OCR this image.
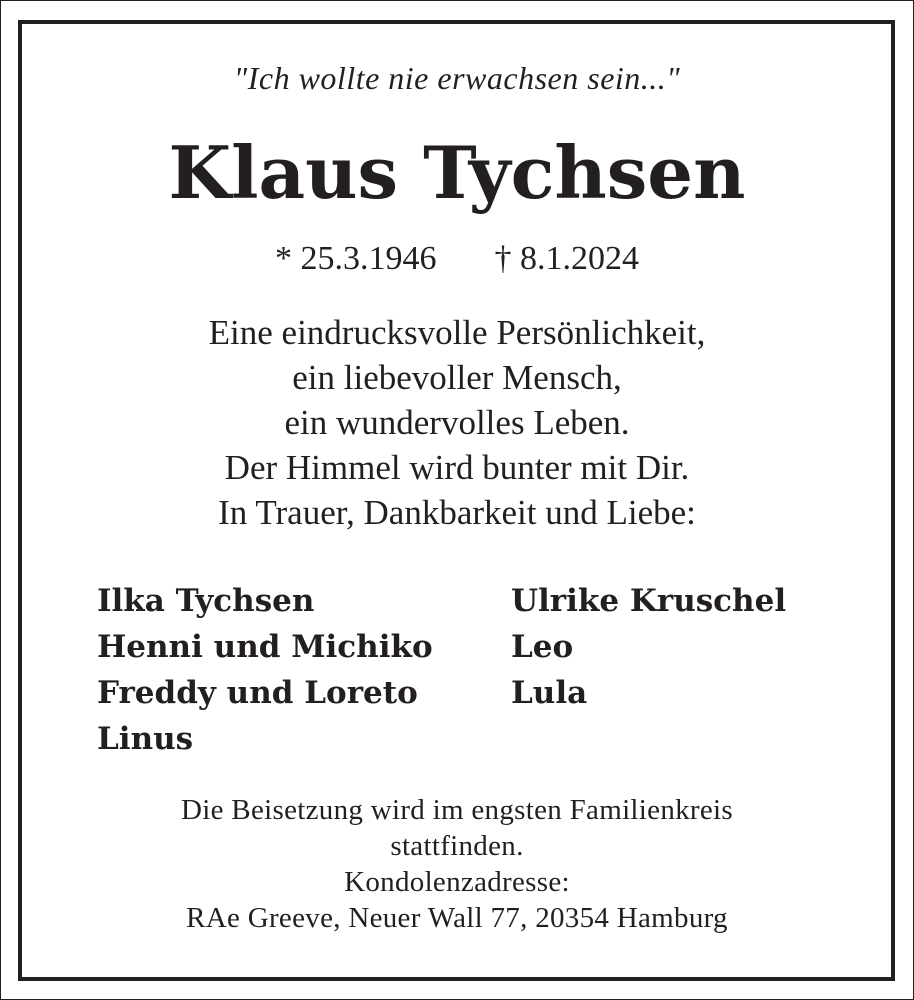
"Ich wollte nie erwachsen sein..."
Klaus Tychsen
* 25.3.1946 † 8.1.2024
Eine eindrucksvolle Persönlichkeit,
ein liebevoller Mensch,
ein wundervolles Leben.
Der Himmel wird bunter mit Dir.
In Trauer, Dankbarkeit und Liebe:
Ilka Tychsen
Henni und Michiko
Freddy und Loreto
Linus
Ulrike Kruschel
Leo
Lula
Die Beisetzung wird im engsten Familienkreis
stattfinden.
Kondolenzadresse:
RAe Greeve, Neuer Wall 77, 20354 Hamburg
